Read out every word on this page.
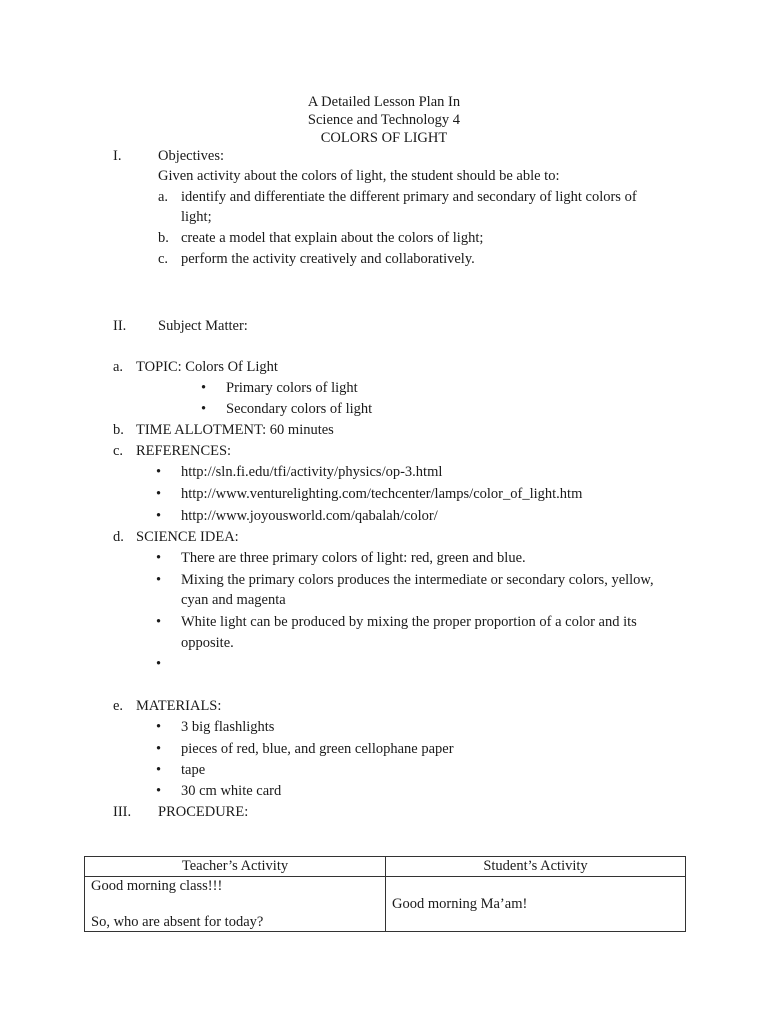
A Detailed Lesson Plan In
Science and Technology 4
COLORS OF LIGHT
I.	Objectives:
Given activity about the colors of light, the student should be able to:
a. identify and differentiate the different primary and secondary of light colors of
light;
b. create a model that explain about the colors of light;
c. perform the activity creatively and collaboratively.
II. Subject Matter:
a. TOPIC: Colors Of Light
• Primary colors of light
• Secondary colors of light
b. TIME ALLOTMENT: 60 minutes
c. REFERENCES:
• http://sln.fi.edu/tfi/activity/physics/op-3.html
• http://www.venturelighting.com/techcenter/lamps/color_of_light.htm
• http://www.joyousworld.com/qabalah/color/
d. SCIENCE IDEA:
• There are three primary colors of light: red, green and blue.
• Mixing the primary colors produces the intermediate or secondary colors, yellow,
cyan and magenta
• White light can be produced by mixing the proper proportion of a color and its
opposite.
e. MATERIALS:
• 3 big flashlights
• pieces of red, blue, and green cellophane paper
• tape
• 30 cm white card
III. PROCEDURE:
Teacher’s Activity	Student’s Activity

Good morning class!!!
So, who are absent for today?	Good morning Ma’am!
